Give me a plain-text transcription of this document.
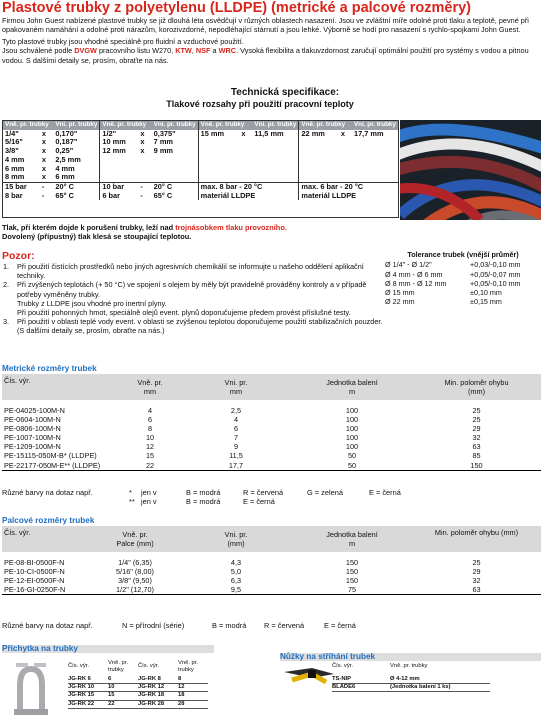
Plastové trubky z polyetylenu (LLDPE) (metrické a palcové rozměry)

Firmou John Guest nabízené plastové trubky se již dlouhá léta osvědčují v různých oblastech nasazení. Jsou ve zvláštní míře odolné proti tlaku a teplotě, pevné při opakovaném namáhání a odolné proti nárazům, korozivzdorné, nepodléhající stárnutí a jsou lehké. Výborně se hodí pro nasazení s rychlo-spojkami John Guest.

Tyto plastové trubky jsou vhodné speciálně pro fluidní a vzduchové použití.
Jsou schválené podle DVGW pracovního listu W270, KTW, NSF a WRC. Vysoká flexibilita a tlakuvzdornost zaručují optimální použití pro systémy s vodou a pitnou vodou. S dalšími detaily se, prosím, obraťte na nás.

Technická specifikace:
Tlakové rozsahy při použití pracovní teploty
Vně. pr. trubky		Vni. pr. trubky	Vně. pr. trubky		Vni. pr. trubky	Vně. pr. trubky		Vni. pr. trubky	Vně. pr. trubky		Vni. pr. trubky
1/4"	x	0,170"	1/2"	x	0,375"	15 mm	x	11,5 mm	22 mm	x	17,7 mm
5/16"	x	0,187"	10 mm	x	7 mm						
3/8"	x	0,25"	12 mm	x	9 mm						
4 mm	x	2,5 mm									
6 mm	x	4 mm									
8 mm	x	6 mm									
15 bar	-	20° C	10 bar	-	20° C	max. 8 bar - 20 °C			max. 6 bar - 20 °C		
8 bar	-	65° C	6 bar	-	65° C	materiál LLDPE			materiál LLDPE		
Tlak, při kterém dojde k porušení trubky, leží nad trojnásobkem tlaku provozního.
Dovolený (přípustný) tlak klesá se stoupající teplotou.
Pozor:
1.	Při použití čistících prostředků nebo jiných agresivních chemikálií se informujte u našeho oddělení aplikační techniky.
2.	Při zvýšených teplotách (+ 50 °C) ve spojení s olejem by měly být pravidelně prováděny kontroly a v případě potřeby vyměněny trubky.
Trubky z LLDPE jsou vhodné pro inertní plyny.
Při použití pohonných hmot, speciálně olejů event. plynů doporučujeme předem provést příslušné testy.
3.	Při použití v oblasti teplé vody event. v oblasti se zvýšenou teplotou doporučujeme použití stabilizačních pouzder. (S dalšími detaily se, prosím, obraťte na nás.)
Tolerance trubek (vnější průměr)
Ø 1/4" - Ø 1/2"	+0,03/-0,10 mm
Ø 4 mm - Ø 6 mm	+0,05/-0,07 mm
Ø 8 mm - Ø 12 mm	+0,05/-0,10 mm
Ø 15 mm	±0,10 mm
Ø 22 mm	±0,15 mm
Metrické rozměry trubek
Čís. výr.	Vně. pr.
mm	Vni. pr.
mm	Jednotka balení
m	Min. poloměr ohybu
(mm)

PE-04025-100M-N	4	2,5	100	25
PE-0604-100M-N	6	4	100	25
PE-0806-100M-N	8	6	100	29
PE-1007-100M-N	10	7	100	32
PE-1209-100M-N	12	9	100	63
PE-15115-050M-B* (LLDPE)	15	11,5	50	85
PE-22177-050M-E** (LLDPE)	22	17,7	50	150
Různé barvy na dotaz např.	* jen v	B = modrá	R = červená	G = zelená	E = černá
** jen v	B = modrá	E = černá
Palcové rozměry trubek
Čís. výr.	Vně. pr.
Palce (mm)	Vni. pr.
(mm)	Jednotka balení
m	Min. poloměr ohybu (mm)

PE-08-BI-0500F-N	1/4" (6,35)	4,3	150	25
PE-10-CI-0500F-N	5/16" (8,00)	5,0	150	29
PE-12-EI-0500F-N	3/8" (9,50)	6,3	150	32
PE-16-GI-0250F-N	1/2" (12,70)	9,5	75	63
Různé barvy na dotaz např.	N = přírodní (série)	B = modrá R = červená	E = černá
Příchytka na trubky
Čís. výr.	Vně. pr.
trubky	Čís. výr.	Vně. pr.
trubky
JG-RK 6	6	JG-RK 8	8
JG-RK 10	10	JG-RK 12	12
JG-RK 15	15	JG-RK 18	18
JG-RK 22	22	JG-RK 28	28
Nůžky na stříhání trubek
Čís. výr.	Vně. pr. trubky
TS-NIP	Ø 4-12 mm
BLADE6	(Jednotka balení 1 ks)
